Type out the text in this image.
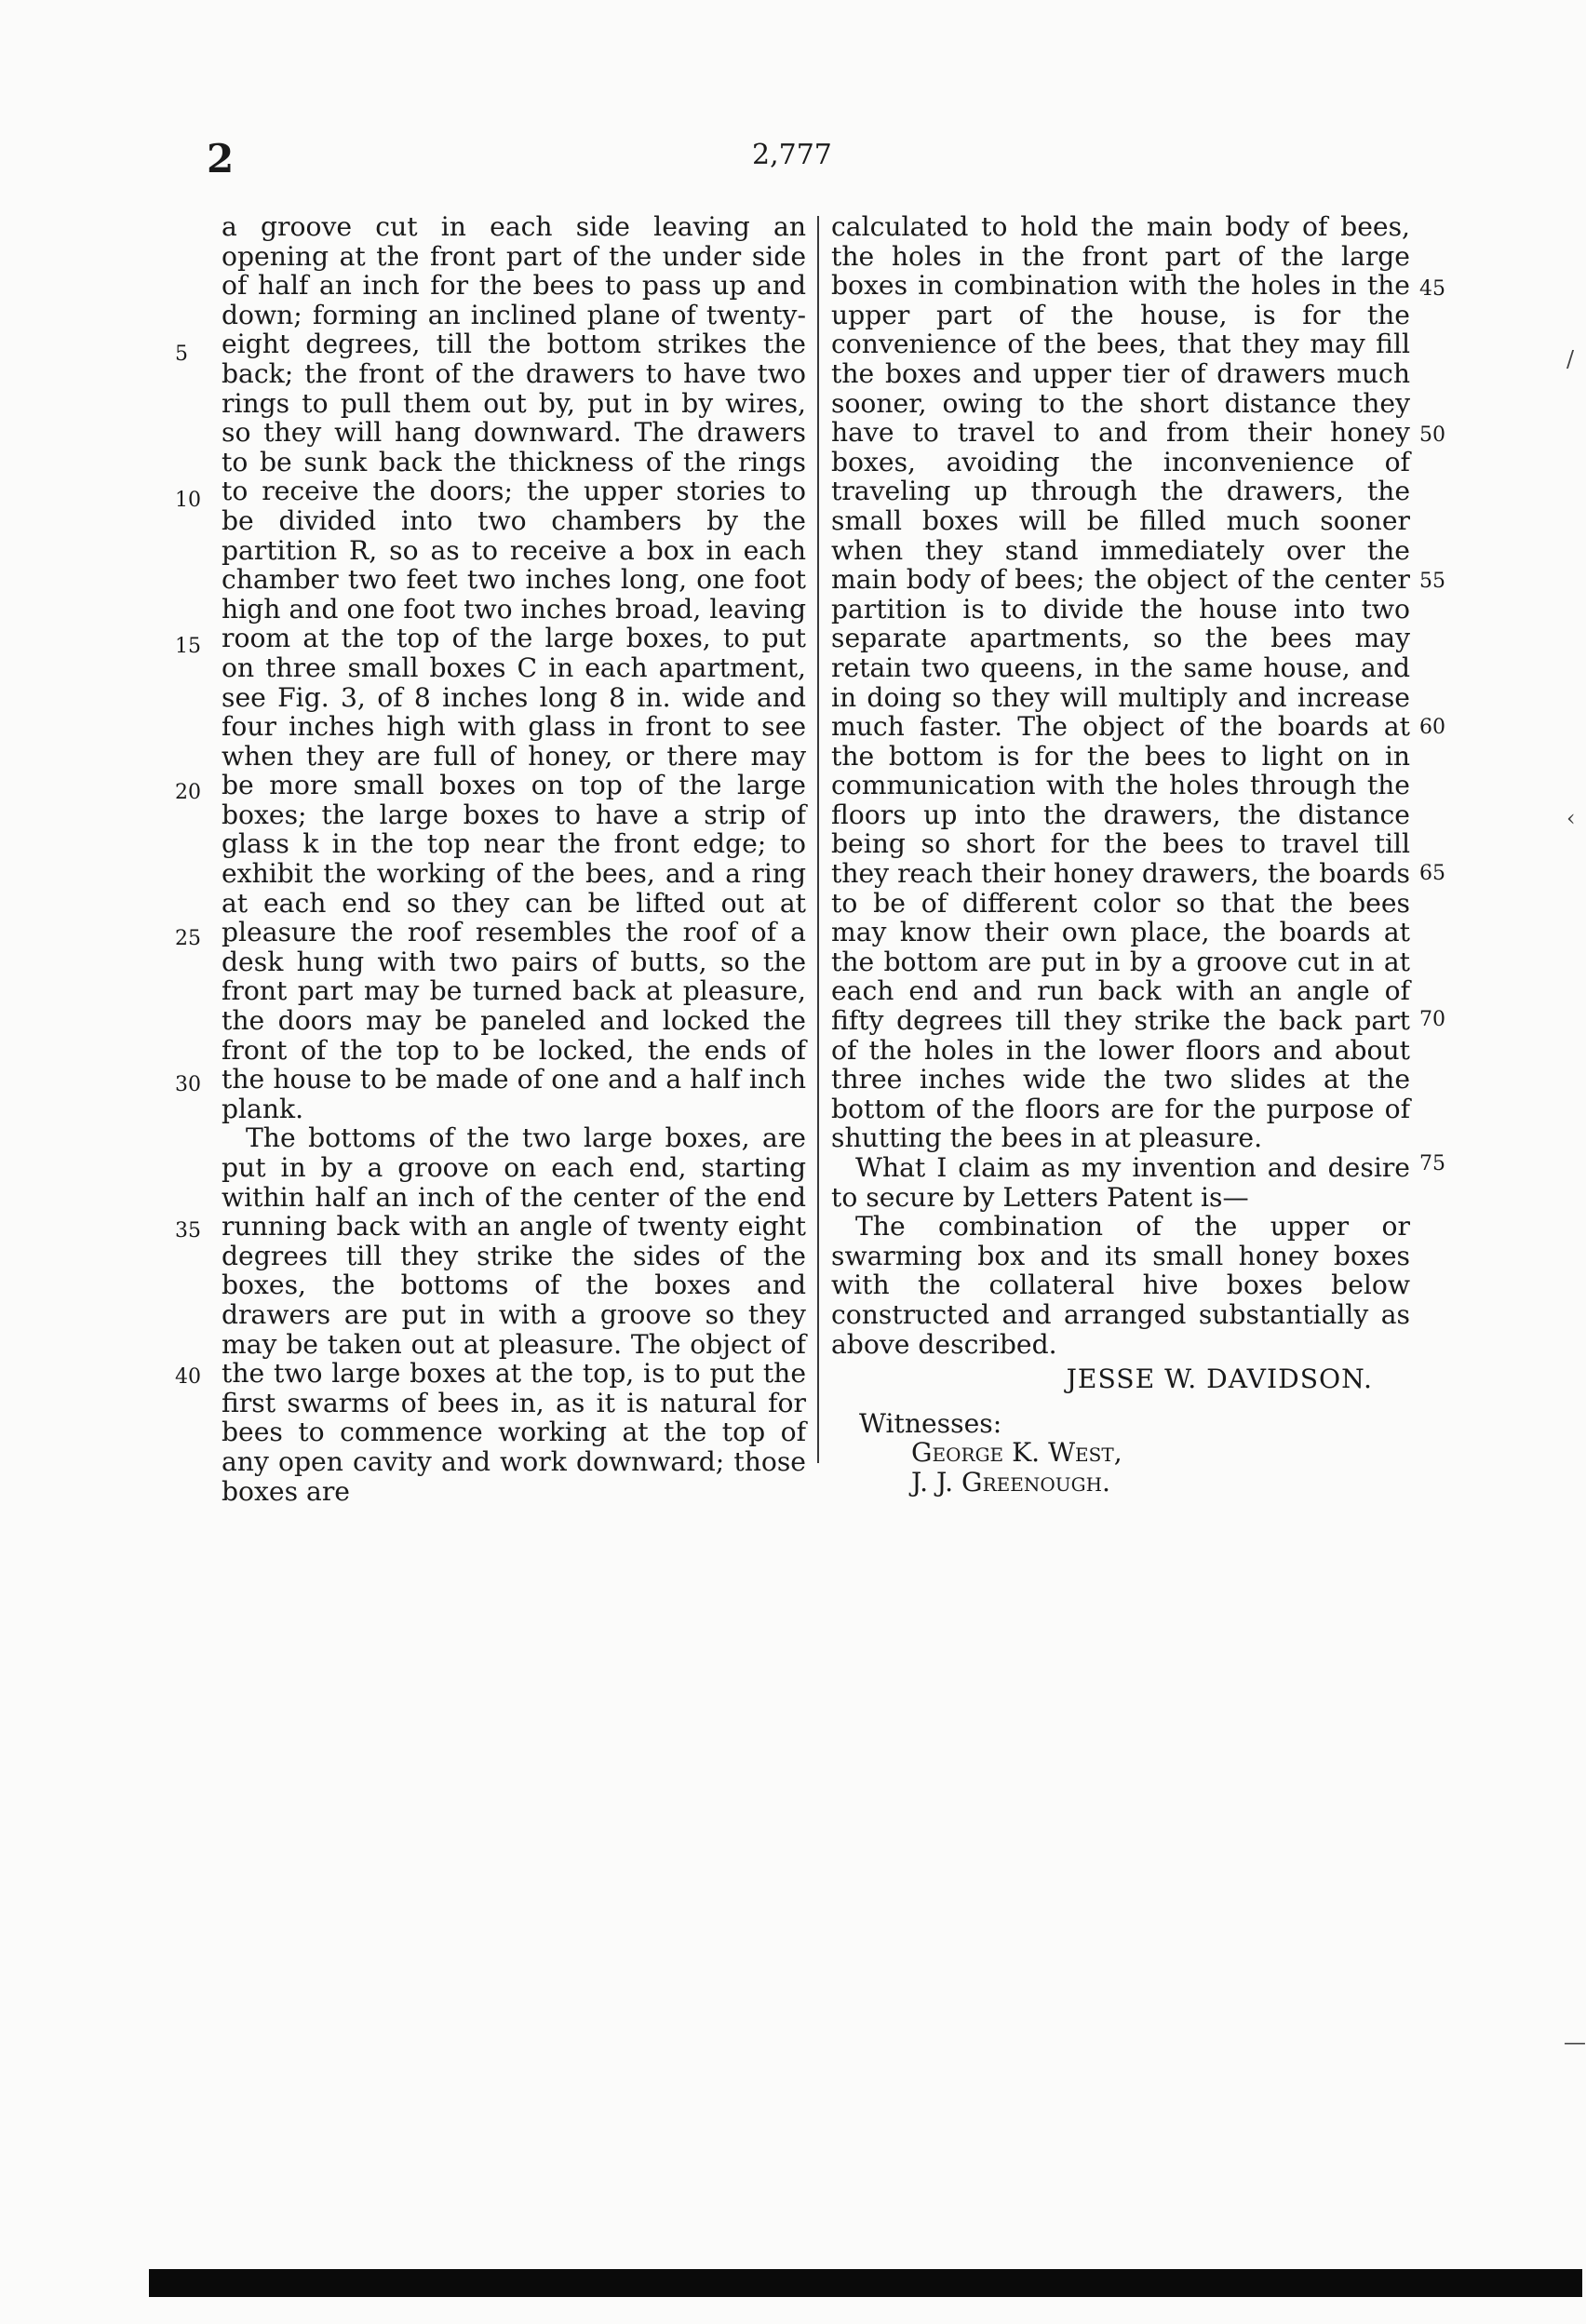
2	2,777

a groove cut in each side leaving an opening at the front part of the under side of half an inch for the bees to pass up and down; forming an inclined plane of twenty-eight degrees, till the bottom strikes the back; the front of the drawers to have two rings to pull them out by, put in by wires, so they will hang downward. The drawers to be sunk back the thickness of the rings to receive the doors; the upper stories to be divided into two chambers by the partition R, so as to receive a box in each chamber two feet two inches long, one foot high and one foot two inches broad, leaving room at the top of the large boxes, to put on three small boxes C in each apartment, see Fig. 3, of 8 inches long 8 in. wide and four inches high with glass in front to see when they are full of honey, or there may be more small boxes on top of the large boxes; the large boxes to have a strip of glass k in the top near the front edge; to exhibit the working of the bees, and a ring at each end so they can be lifted out at pleasure the roof resembles the roof of a desk hung with two pairs of butts, so the front part may be turned back at pleasure, the doors may be paneled and locked the front of the top to be locked, the ends of the house to be made of one and a half inch plank.

The bottoms of the two large boxes, are put in by a groove on each end, starting within half an inch of the center of the end running back with an angle of twenty eight degrees till they strike the sides of the boxes, the bottoms of the boxes and drawers are put in with a groove so they may be taken out at pleasure. The object of the two large boxes at the top, is to put the first swarms of bees in, as it is natural for bees to commence working at the top of any open cavity and work downward; those boxes are

calculated to hold the main body of bees, the holes in the front part of the large boxes in combination with the holes in the upper part of the house, is for the convenience of the bees, that they may fill the boxes and upper tier of drawers much sooner, owing to the short distance they have to travel to and from their honey boxes, avoiding the inconvenience of traveling up through the drawers, the small boxes will be filled much sooner when they stand immediately over the main body of bees; the object of the center partition is to divide the house into two separate apartments, so the bees may retain two queens, in the same house, and in doing so they will multiply and increase much faster. The object of the boards at the bottom is for the bees to light on in communication with the holes through the floors up into the drawers, the distance being so short for the bees to travel till they reach their honey drawers, the boards to be of different color so that the bees may know their own place, the boards at the bottom are put in by a groove cut in at each end and run back with an angle of fifty degrees till they strike the back part of the holes in the lower floors and about three inches wide the two slides at the bottom of the floors are for the purpose of shutting the bees in at pleasure.

What I claim as my invention and desire to secure by Letters Patent is—

The combination of the upper or swarming box and its small honey boxes with the collateral hive boxes below constructed and arranged substantially as above described.

JESSE W. DAVIDSON.

Witnesses:

George K. West,

J. J. Greenough.

5
10
15
20
25
30
35
40
45
50
55
60
65
70
75
/
‹
—
